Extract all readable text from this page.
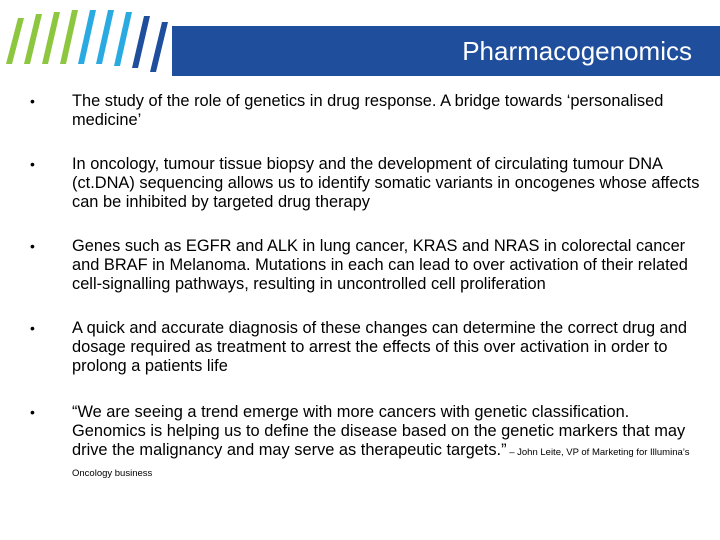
Pharmacogenomics
• The study of the role of genetics in drug response. A bridge towards ‘personalised medicine’
• In oncology, tumour tissue biopsy and the development of circulating tumour DNA (ct.DNA) sequencing allows us to identify somatic variants in oncogenes whose affects can be inhibited by targeted drug therapy
• Genes such as EGFR and ALK in lung cancer, KRAS and NRAS in colorectal cancer and BRAF in Melanoma. Mutations in each can lead to over activation of their related cell-signalling pathways, resulting in uncontrolled cell proliferation
• A quick and accurate diagnosis of these changes can determine the correct drug and dosage required as treatment to arrest the effects of this over activation in order to prolong a patients life
• “We are seeing a trend emerge with more cancers with genetic classification. Genomics is helping us to define the disease based on the genetic markers that may drive the malignancy and may serve as therapeutic targets.” – John Leite, VP of Marketing for Illumina’s Oncology business
